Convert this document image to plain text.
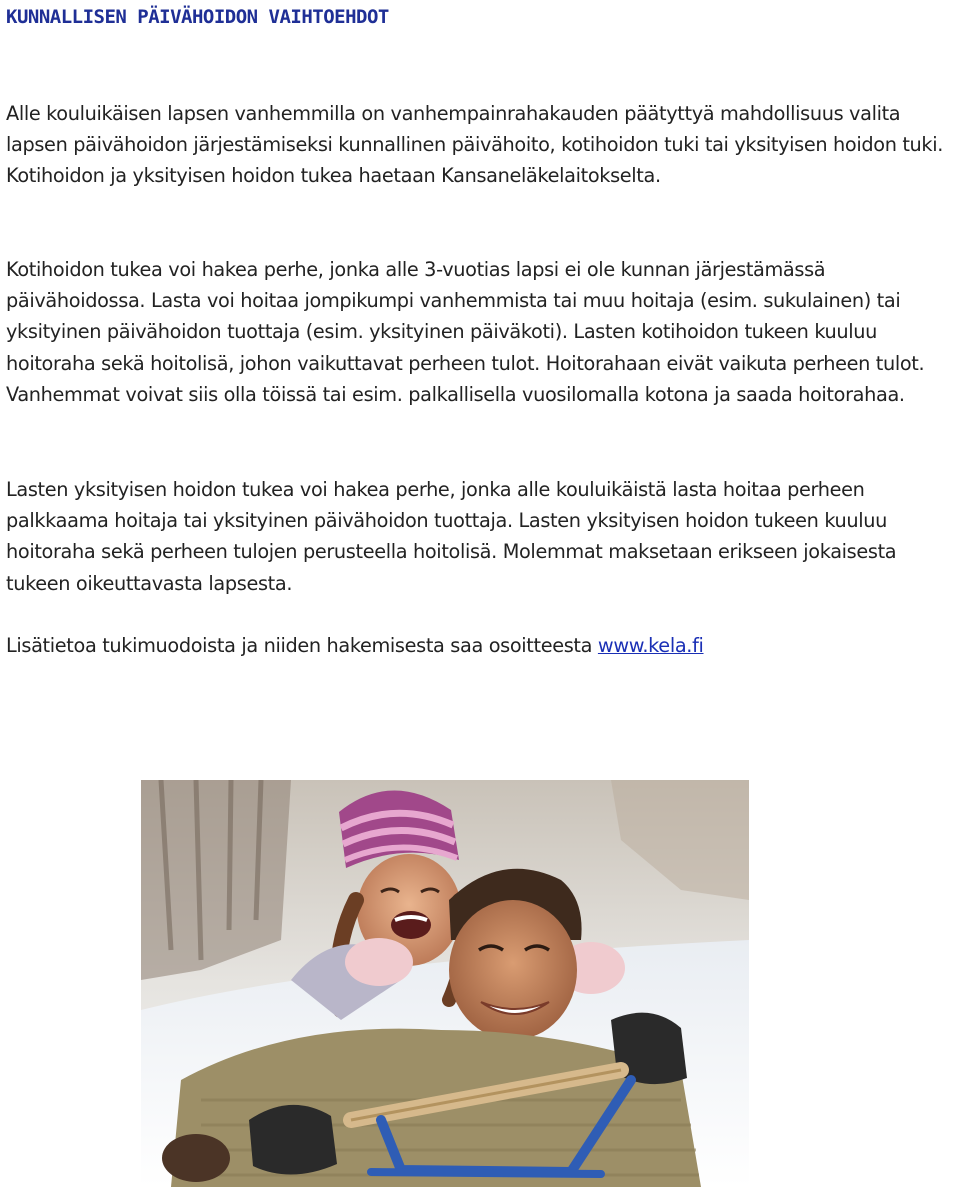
KUNNALLISEN PÄIVÄHOIDON VAIHTOEHDOT

Alle kouluikäisen lapsen vanhemmilla on vanhempainrahakauden päätyttyä mahdollisuus valita lapsen päivähoidon järjestämiseksi kunnallinen päivähoito, kotihoidon tuki tai yksityisen hoidon tuki. Kotihoidon ja yksityisen hoidon tukea haetaan Kansaneläkelaitokselta.

Kotihoidon tukea voi hakea perhe, jonka alle 3-vuotias lapsi ei ole kunnan järjestämässä päivähoidossa. Lasta voi hoitaa jompikumpi vanhemmista tai muu hoitaja (esim. sukulainen) tai yksityinen päivähoidon tuottaja (esim. yksityinen päiväkoti). Lasten kotihoidon tukeen kuuluu hoitoraha sekä hoitolisä, johon vaikuttavat perheen tulot. Hoitorahaan eivät vaikuta perheen tulot. Vanhemmat voivat siis olla töissä tai esim. palkallisella vuosilomalla kotona ja saada hoitorahaa.

Lasten yksityisen hoidon tukea voi hakea perhe, jonka alle kouluikäistä lasta hoitaa perheen palkkaama hoitaja tai yksityinen päivähoidon tuottaja. Lasten yksityisen hoidon tukeen kuuluu hoitoraha sekä perheen tulojen perusteella hoitolisä. Molemmat maksetaan erikseen jokaisesta tukeen oikeuttavasta lapsesta.

Lisätietoa tukimuodoista ja niiden hakemisesta saa osoitteesta www.kela.fi
